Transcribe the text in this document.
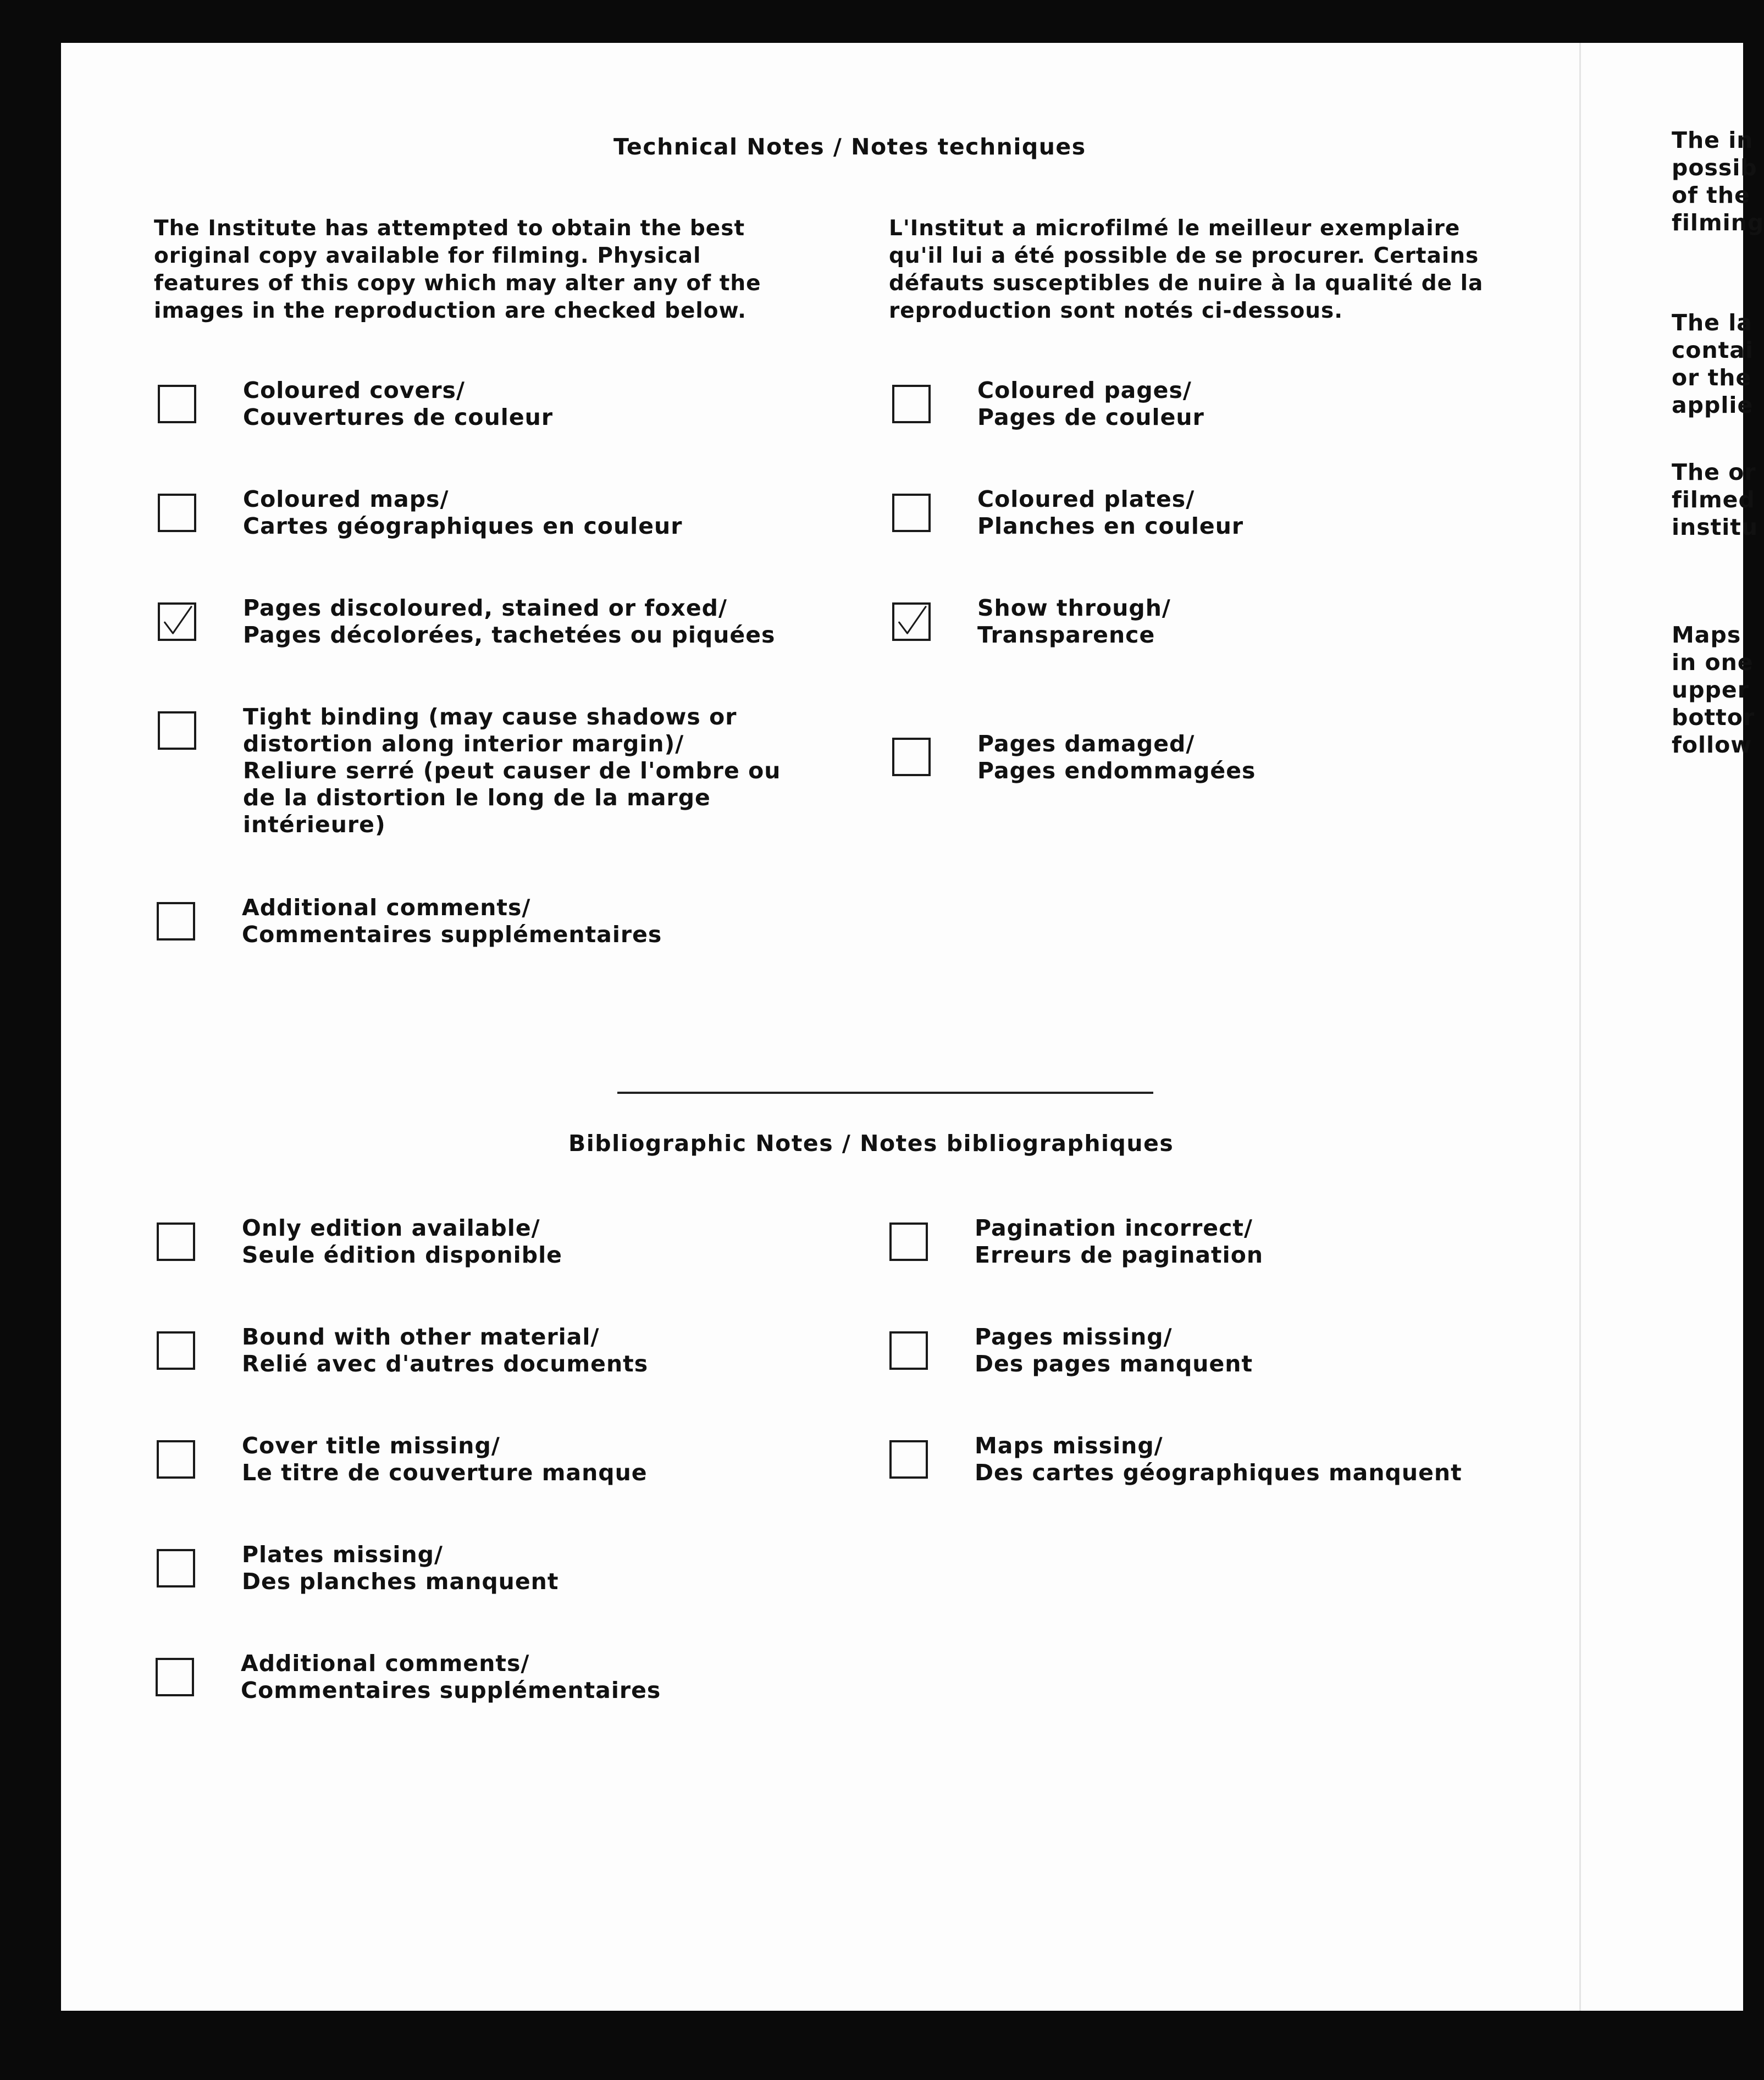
Technical Notes / Notes techniques
The Institute has attempted to obtain the best
original copy available for filming. Physical
features of this copy which may alter any of the
images in the reproduction are checked below.
L'Institut a microfilmé le meilleur exemplaire
qu'il lui a été possible de se procurer. Certains
défauts susceptibles de nuire à la qualité de la
reproduction sont notés ci-dessous.
Coloured covers/
Couvertures de couleur
Coloured pages/
Pages de couleur
Coloured maps/
Cartes géographiques en couleur
Coloured plates/
Planches en couleur
Pages discoloured, stained or foxed/
Pages décolorées, tachetées ou piquées
Show through/
Transparence
Tight binding (may cause shadows or
distortion along interior margin)/
Reliure serré (peut causer de l'ombre ou
de la distortion le long de la marge
intérieure)
Pages damaged/
Pages endommagées
Additional comments/
Commentaires supplémentaires
Bibliographic Notes / Notes bibliographiques
Only edition available/
Seule édition disponible
Pagination incorrect/
Erreurs de pagination
Bound with other material/
Relié avec d'autres documents
Pages missing/
Des pages manquent
Cover title missing/
Le titre de couverture manque
Maps missing/
Des cartes géographiques manquent
Plates missing/
Des planches manquent
Additional comments/
Commentaires supplémentaires
The in
possib
of the
filming
The la
contai
or the
applie
The or
filmed
institu
Maps
in one
upper
bottor
follow
